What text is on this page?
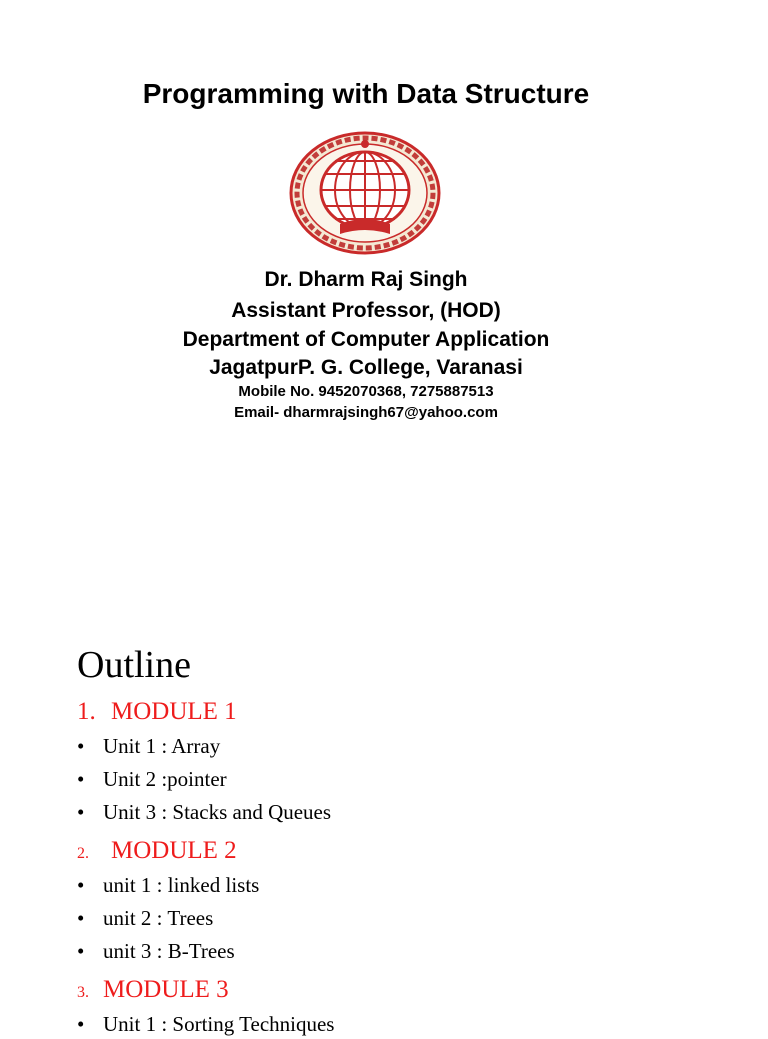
Programming with Data Structure
Dr. Dharm Raj Singh
Assistant Professor, (HOD)
Department of Computer Application
JagatpurP. G. College, Varanasi
Mobile No. 9452070368, 7275887513
Email- dharmrajsingh67@yahoo.com
Outline
1. MODULE 1
• Unit 1 : Array
• Unit 2 :pointer
• Unit 3 : Stacks and Queues
2. MODULE 2
• unit 1 : linked lists
• unit 2 : Trees
• unit 3 : B-Trees
3. MODULE 3
• Unit 1 : Sorting Techniques
